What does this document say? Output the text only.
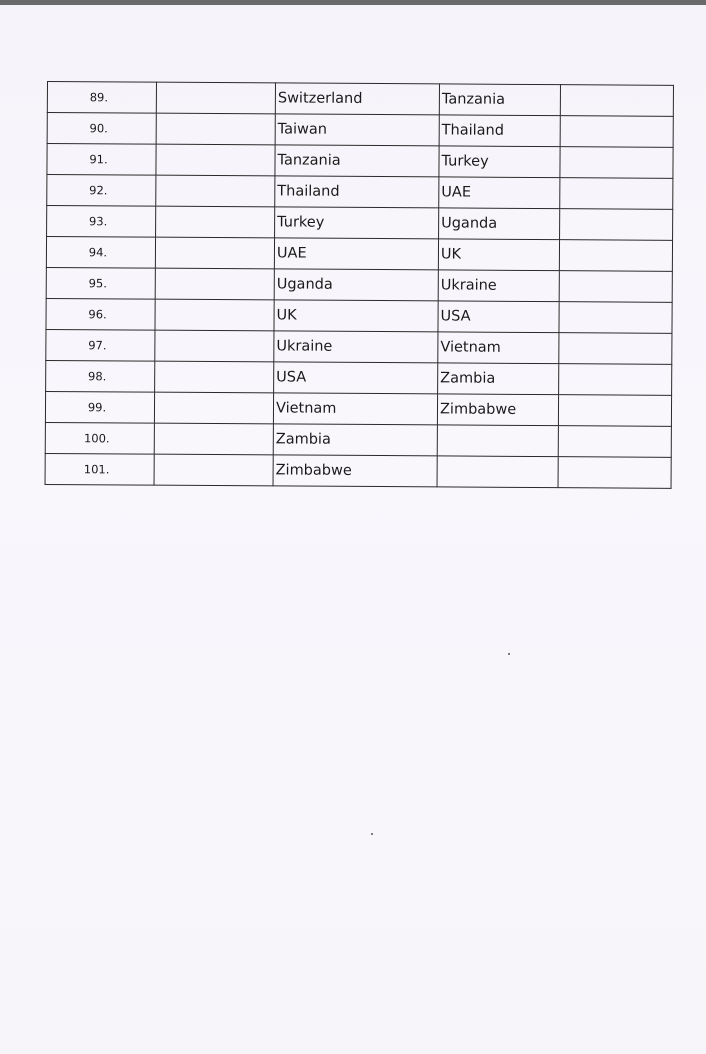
89.		Switzerland	Tanzania	
90.		Taiwan	Thailand	
91.		Tanzania	Turkey	
92.		Thailand	UAE	
93.		Turkey	Uganda	
94.		UAE	UK	
95.		Uganda	Ukraine	
96.		UK	USA	
97.		Ukraine	Vietnam	
98.		USA	Zambia	
99.		Vietnam	Zimbabwe	
100.		Zambia		
101.		Zimbabwe		
